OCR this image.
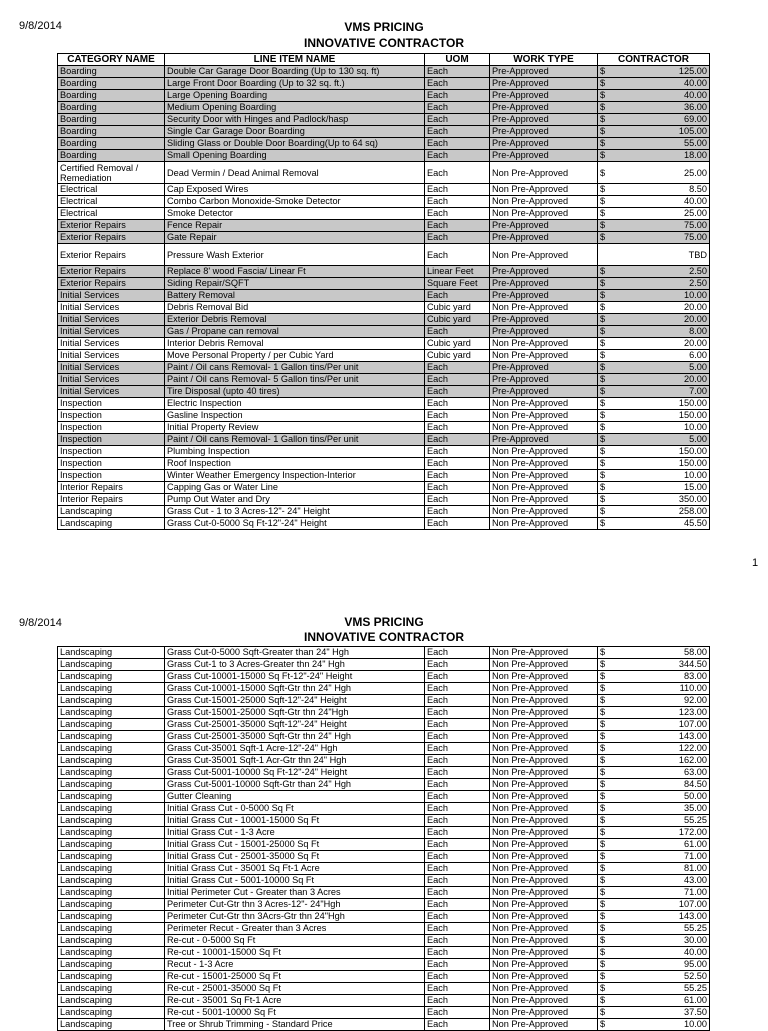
9/8/2014	VMS PRICING
INNOVATIVE CONTRACTOR
CATEGORY NAME	LINE ITEM NAME	UOM	WORK TYPE	CONTRACTOR	
Boarding	Double Car Garage Door Boarding (Up to 130 sq. ft)	Each	Pre-Approved	$	125.00
Boarding	Large Front Door Boarding (Up to 32 sq. ft.)	Each	Pre-Approved	$	40.00
Boarding	Large Opening Boarding	Each	Pre-Approved	$	40.00
Boarding	Medium Opening Boarding	Each	Pre-Approved	$	36.00
Boarding	Security Door with Hinges and Padlock/hasp	Each	Pre-Approved	$	69.00
Boarding	Single Car Garage Door Boarding	Each	Pre-Approved	$	105.00
Boarding	Sliding Glass or Double Door Boarding(Up to 64 sq)	Each	Pre-Approved	$	55.00
Boarding	Small Opening Boarding	Each	Pre-Approved	$	18.00
Certified Removal / Remediation	Dead Vermin / Dead Animal Removal	Each	Non Pre-Approved	$	25.00
Electrical	Cap Exposed Wires	Each	Non Pre-Approved	$	8.50
Electrical	Combo Carbon Monoxide-Smoke Detector	Each	Non Pre-Approved	$	40.00
Electrical	Smoke Detector	Each	Non Pre-Approved	$	25.00
Exterior Repairs	Fence Repair	Each	Pre-Approved	$	75.00
Exterior Repairs	Gate Repair	Each	Pre-Approved	$	75.00
Exterior Repairs	Pressure Wash Exterior	Each	Non Pre-Approved		TBD
Exterior Repairs	Replace 8' wood Fascia/ Linear Ft	Linear Feet	Pre-Approved	$	2.50
Exterior Repairs	Siding Repair/SQFT	Square Feet	Pre-Approved	$	2.50
Initial Services	Battery Removal	Each	Pre-Approved	$	10.00
Initial Services	Debris Removal Bid	Cubic yard	Non Pre-Approved	$	20.00
Initial Services	Exterior Debris Removal	Cubic yard	Pre-Approved	$	20.00
Initial Services	Gas / Propane can removal	Each	Pre-Approved	$	8.00
Initial Services	Interior Debris Removal	Cubic yard	Non Pre-Approved	$	20.00
Initial Services	Move Personal Property / per Cubic Yard	Cubic yard	Non Pre-Approved	$	6.00
Initial Services	Paint / Oil cans Removal- 1 Gallon tins/Per unit	Each	Pre-Approved	$	5.00
Initial Services	Paint / Oil cans Removal- 5 Gallon tins/Per unit	Each	Pre-Approved	$	20.00
Initial Services	Tire Disposal (upto 40 tires)	Each	Pre-Approved	$	7.00
Inspection	Electric Inspection	Each	Non Pre-Approved	$	150.00
Inspection	Gasline Inspection	Each	Non Pre-Approved	$	150.00
Inspection	Initial Property Review	Each	Non Pre-Approved	$	10.00
Inspection	Paint / Oil cans Removal- 1 Gallon tins/Per unit	Each	Pre-Approved	$	5.00
Inspection	Plumbing Inspection	Each	Non Pre-Approved	$	150.00
Inspection	Roof Inspection	Each	Non Pre-Approved	$	150.00
Inspection	Winter Weather Emergency Inspection-Interior	Each	Non Pre-Approved	$	10.00
Interior Repairs	Capping Gas or Water Line	Each	Non Pre-Approved	$	15.00
Interior Repairs	Pump Out Water and Dry	Each	Non Pre-Approved	$	350.00
Landscaping	Grass Cut - 1 to 3 Acres-12"- 24" Height	Each	Non Pre-Approved	$	258.00
Landscaping	Grass Cut-0-5000 Sq Ft-12"-24" Height	Each	Non Pre-Approved	$	45.50
1
9/8/2014	VMS PRICING
INNOVATIVE CONTRACTOR
Landscaping	Grass Cut-0-5000 Sqft-Greater than 24" Hgh	Each	Non Pre-Approved	$	58.00
Landscaping	Grass Cut-1 to 3 Acres-Greater thn 24" Hgh	Each	Non Pre-Approved	$	344.50
Landscaping	Grass Cut-10001-15000 Sq Ft-12"-24" Height	Each	Non Pre-Approved	$	83.00
Landscaping	Grass Cut-10001-15000 Sqft-Gtr thn 24" Hgh	Each	Non Pre-Approved	$	110.00
Landscaping	Grass Cut-15001-25000 Sqft-12"-24" Height	Each	Non Pre-Approved	$	92.00
Landscaping	Grass Cut-15001-25000 Sqft-Gtr thn 24"Hgh	Each	Non Pre-Approved	$	123.00
Landscaping	Grass Cut-25001-35000 Sqft-12"-24" Height	Each	Non Pre-Approved	$	107.00
Landscaping	Grass Cut-25001-35000 Sqft-Gtr thn 24" Hgh	Each	Non Pre-Approved	$	143.00
Landscaping	Grass Cut-35001 Sqft-1 Acre-12"-24" Hgh	Each	Non Pre-Approved	$	122.00
Landscaping	Grass Cut-35001 Sqft-1 Acr-Gtr thn 24" Hgh	Each	Non Pre-Approved	$	162.00
Landscaping	Grass Cut-5001-10000 Sq Ft-12"-24" Height	Each	Non Pre-Approved	$	63.00
Landscaping	Grass Cut-5001-10000 Sqft-Gtr than 24" Hgh	Each	Non Pre-Approved	$	84.50
Landscaping	Gutter Cleaning	Each	Non Pre-Approved	$	50.00
Landscaping	Initial Grass Cut - 0-5000 Sq Ft	Each	Non Pre-Approved	$	35.00
Landscaping	Initial Grass Cut - 10001-15000 Sq Ft	Each	Non Pre-Approved	$	55.25
Landscaping	Initial Grass Cut - 1-3 Acre	Each	Non Pre-Approved	$	172.00
Landscaping	Initial Grass Cut - 15001-25000 Sq Ft	Each	Non Pre-Approved	$	61.00
Landscaping	Initial Grass Cut - 25001-35000 Sq Ft	Each	Non Pre-Approved	$	71.00
Landscaping	Initial Grass Cut - 35001 Sq Ft-1 Acre	Each	Non Pre-Approved	$	81.00
Landscaping	Initial Grass Cut - 5001-10000 Sq Ft	Each	Non Pre-Approved	$	43.00
Landscaping	Initial Perimeter Cut - Greater than 3 Acres	Each	Non Pre-Approved	$	71.00
Landscaping	Perimeter Cut-Gtr thn 3 Acres-12"- 24"Hgh	Each	Non Pre-Approved	$	107.00
Landscaping	Perimeter Cut-Gtr thn 3Acrs-Gtr thn 24"Hgh	Each	Non Pre-Approved	$	143.00
Landscaping	Perimeter Recut - Greater than 3 Acres	Each	Non Pre-Approved	$	55.25
Landscaping	Re-cut - 0-5000 Sq Ft	Each	Non Pre-Approved	$	30.00
Landscaping	Re-cut - 10001-15000 Sq Ft	Each	Non Pre-Approved	$	40.00
Landscaping	Recut - 1-3 Acre	Each	Non Pre-Approved	$	95.00
Landscaping	Re-cut - 15001-25000 Sq Ft	Each	Non Pre-Approved	$	52.50
Landscaping	Re-cut - 25001-35000 Sq Ft	Each	Non Pre-Approved	$	55.25
Landscaping	Re-cut - 35001 Sq Ft-1 Acre	Each	Non Pre-Approved	$	61.00
Landscaping	Re-cut - 5001-10000 Sq Ft	Each	Non Pre-Approved	$	37.50
Landscaping	Tree or Shrub Trimming - Standard Price	Each	Non Pre-Approved	$	10.00
